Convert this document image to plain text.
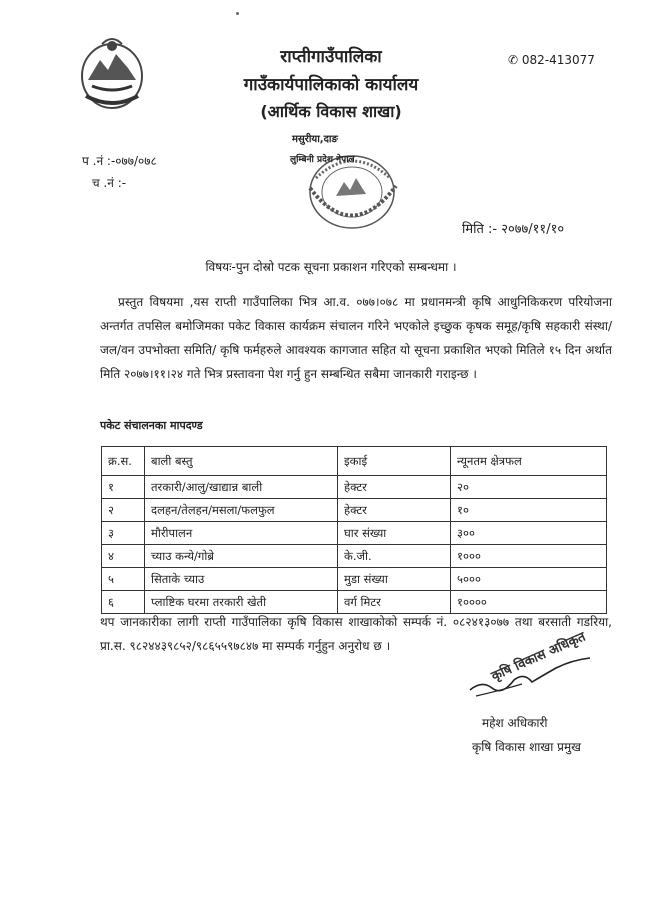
राप्तीगाउँपालिका
गाउँकार्यपालिकाको कार्यालय
(आर्थिक विकास शाखा)
✆ 082-413077
मसुरीया,दाङ
लुम्बिनी प्रदेश नेपाल
प .नं :-०७७/०७८
च .नं :-
मिति :- २०७७/११/१०
विषयः-पुन दोस्रो पटक सूचना प्रकाशन गरिएको सम्बन्धमा ।
प्रस्तुत विषयमा ,यस राप्ती गाउँपालिका भित्र आ.व. ०७७।०७८ मा प्रधानमन्त्री कृषि आधुनिकिकरण परियोजना अन्तर्गत तपसिल बमोजिमका पकेट विकास कार्यक्रम संचालन गरिने भएकोले इच्छुक कृषक समूह/कृषि सहकारी संस्था/जल/वन उपभोक्ता समिति/ कृषि फर्महरुले आवश्यक कागजात सहित यो सूचना प्रकाशित भएको मितिले १५ दिन अर्थात मिति २०७७।११।२४ गते भित्र प्रस्तावना पेश गर्नु हुन सम्बन्धित सबैमा जानकारी गराइन्छ ।
पकेट संचालनका मापदण्ड
क्र.स.	बाली बस्तु	इकाई	न्यूनतम क्षेत्रफल
१	तरकारी/आलु/खाद्यान्न बाली	हेक्टर	२०
२	दलहन/तेलहन/मसला/फलफुल	हेक्टर	१०
३	मौरीपालन	घार संख्या	३००
४	च्याउ कन्ये/गोब्रे	के.जी.	१०००
५	सिताके च्याउ	मुडा संख्या	५०००
६	प्लाष्टिक घरमा तरकारी खेती	वर्ग मिटर	१००००
थप जानकारीका लागी राप्ती गाउँपालिका कृषि विकास शाखाकोको सम्पर्क नं. ०८२४१३०७७ तथा बरसाती गडरिया, प्रा.स. ९८२४४३९८५२/९८६५५९७८४७ मा सम्पर्क गर्नुहुन अनुरोध छ ।	कृषि विकास अधिकृत
महेश अधिकारी
कृषि विकास शाखा प्रमुख
